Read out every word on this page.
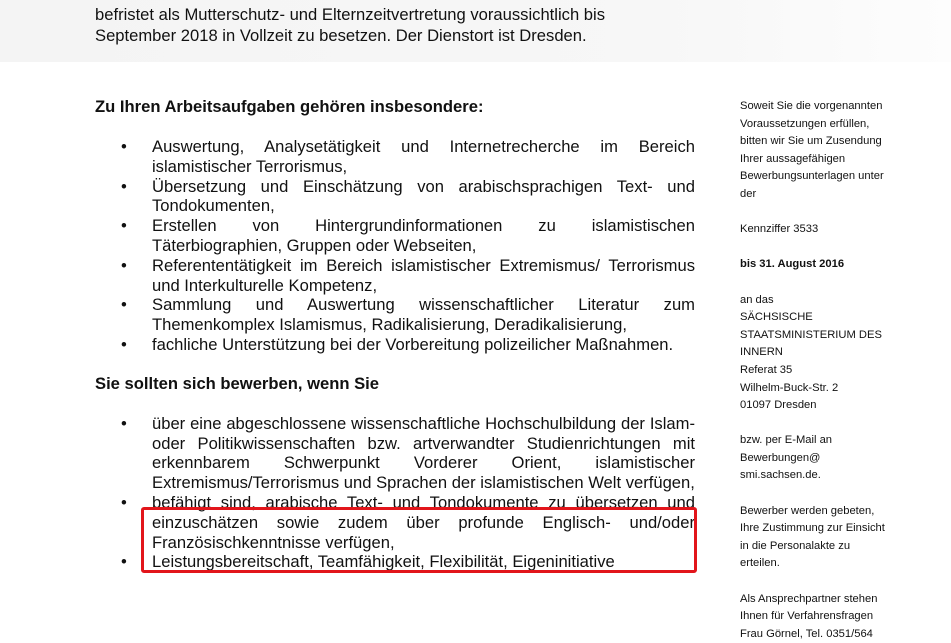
befristet als Mutterschutz- und Elternzeitvertretung voraussichtlich bis
September 2018 in Vollzeit zu besetzen. Der Dienstort ist Dresden.

Zu Ihren Arbeitsaufgaben gehören insbesondere:

• Auswertung, Analysetätigkeit und Internetrecherche im Bereich islamistischer Terrorismus,
• Übersetzung und Einschätzung von arabischsprachigen Text- und Tondokumenten,
• Erstellen von Hintergrundinformationen zu islamistischen Täterbiographien, Gruppen oder Webseiten,
• Referententätigkeit im Bereich islamistischer Extremismus/ Terrorismus und Interkulturelle Kompetenz,
• Sammlung und Auswertung wissenschaftlicher Literatur zum Themenkomplex Islamismus, Radikalisierung, Deradikalisierung,
• fachliche Unterstützung bei der Vorbereitung polizeilicher Maßnahmen.

Sie sollten sich bewerben, wenn Sie

• über eine abgeschlossene wissenschaftliche Hochschulbildung der Islam- oder Politikwissenschaften bzw. artverwandter Studienrichtungen mit erkennbarem Schwerpunkt Vorderer Orient, islamistischer Extremismus/Terrorismus und Sprachen der islamistischen Welt verfügen,
• befähigt sind, arabische Text- und Tondokumente zu übersetzen und einzuschätzen sowie zudem über profunde Englisch- und/oder Französischkenntnisse verfügen,
• Leistungsbereitschaft, Teamfähigkeit, Flexibilität, Eigeninitiative

Soweit Sie die vorgenannten

Voraussetzungen erfüllen,

bitten wir Sie um Zusendung

Ihrer aussagefähigen

Bewerbungsunterlagen unter

der

Kennziffer 3533

bis 31. August 2016

an das

SÄCHSISCHE

STAATSMINISTERIUM DES

INNERN

Referat 35

Wilhelm-Buck-Str. 2

01097 Dresden

bzw. per E-Mail an

Bewerbungen@

smi.sachsen.de.

Bewerber werden gebeten,

Ihre Zustimmung zur Einsicht

in die Personalakte zu

erteilen.

Als Ansprechpartner stehen

Ihnen für Verfahrensfragen

Frau Görnel, Tel. 0351/564
